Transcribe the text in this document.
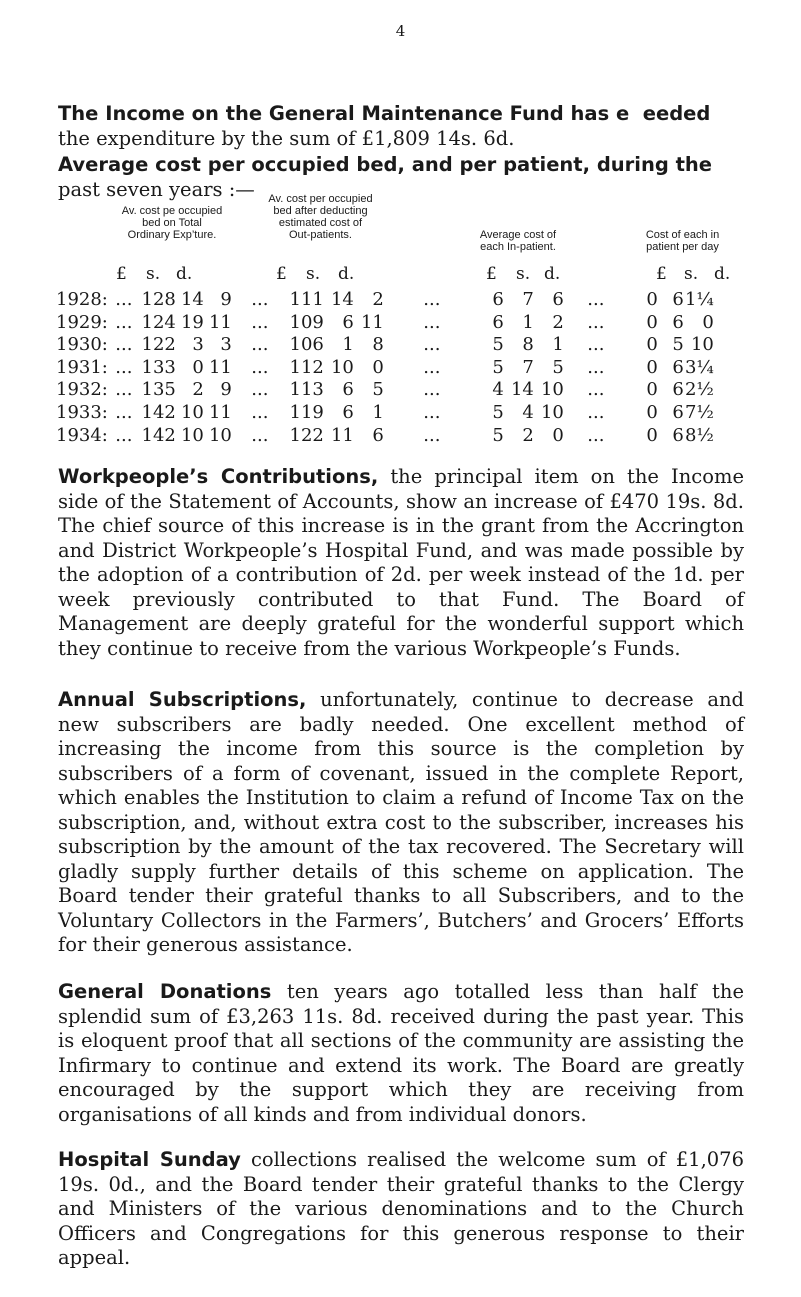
4
The Income on the General Maintenance Fund has e  eeded
the expenditure by the sum of £1,809 14s. 6d.
Average cost per occupied bed, and per patient, during the
past seven years :—
Av. cost pe occupied
bed on Total
Ordinary Exp’ture.
Av. cost per occupied
bed after deducting
estimated cost of
Out-patients.	Average cost of
each In-patient.
Cost of each in
patient per day
£ s. d.	£ s. d.	£ s. d.	£ s. d.
1928:	...	128	14	9	...	111	14	2	...	6	7	6	...	0	6	1¼
1929:	...	124	19	11	...	109	6	11	...	6	1	2	...	0	6	0
1930:	...	122	3	3	...	106	1	8	...	5	8	1	...	0	5	10
1931:	...	133	0	11	...	112	10	0	...	5	7	5	...	0	6	3¼
1932:	...	135	2	9	...	113	6	5	...	4	14	10	...	0	6	2½
1933:	...	142	10	11	...	119	6	1	...	5	4	10	...	0	6	7½
1934:	...	142	10	10	...	122	11	6	...	5	2	0	...	0	6	8½
Workpeople’s Contributions, the principal item on the Income side of the Statement of Accounts, show an increase of £470 19s. 8d. The chief source of this increase is in the grant from the Accrington and District Workpeople’s Hospital Fund, and was made possible by the adoption of a contribution of 2d. per week instead of the 1d. per week previously contributed to that Fund. The Board of Management are deeply grateful for the wonderful support which they continue to receive from the various Workpeople’s Funds.
Annual Subscriptions, unfortunately, continue to decrease and new subscribers are badly needed. One excellent method of increasing the income from this source is the completion by subscribers of a form of covenant, issued in the complete Report, which enables the Institution to claim a refund of Income Tax on the subscription, and, without extra cost to the subscriber, increases his subscription by the amount of the tax recovered. The Secretary will gladly supply further details of this scheme on application. The Board tender their grateful thanks to all Subscribers, and to the Voluntary Collectors in the Farmers’, Butchers’ and Grocers’ Efforts for their generous assistance.
General Donations ten years ago totalled less than half the splendid sum of £3,263 11s. 8d. received during the past year. This is eloquent proof that all sections of the community are assisting the Infirmary to continue and extend its work. The Board are greatly encouraged by the support which they are receiving from organisations of all kinds and from individual donors.
Hospital Sunday collections realised the welcome sum of £1,076 19s. 0d., and the Board tender their grateful thanks to the Clergy and Ministers of the various denominations and to the Church Officers and Congregations for this generous response to their appeal.
